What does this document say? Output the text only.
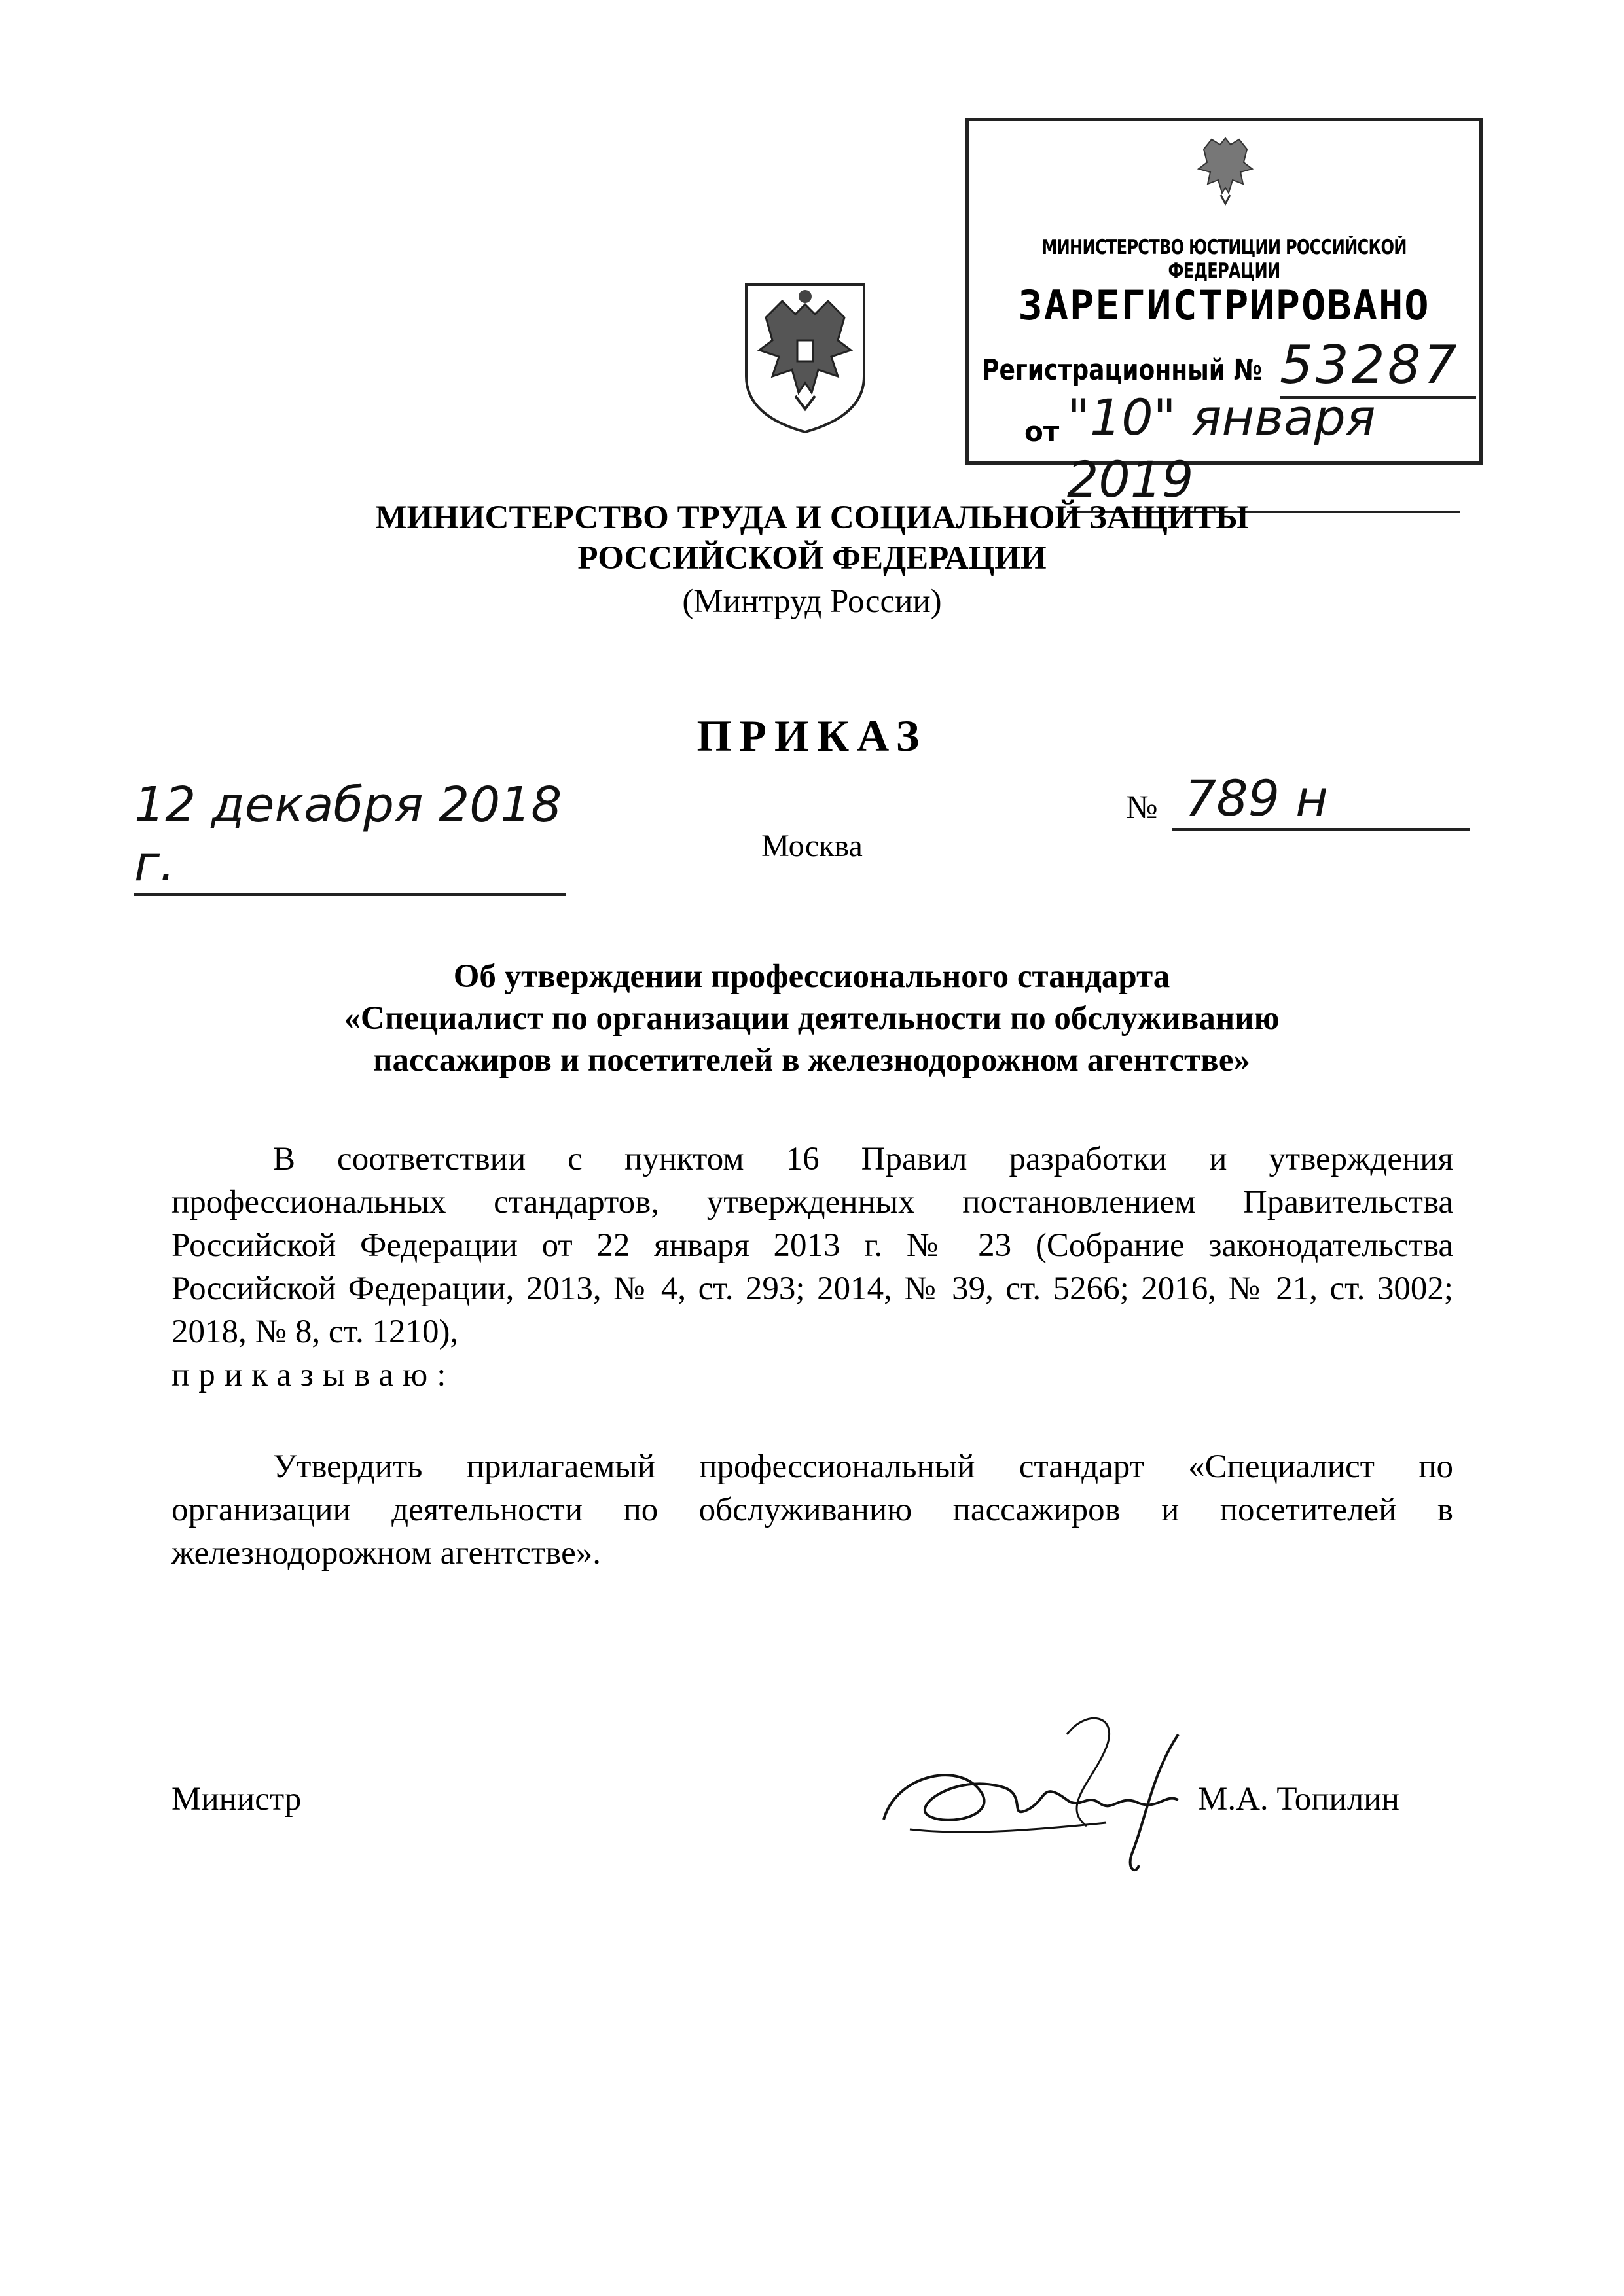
МИНИСТЕРСТВО ЮСТИЦИИ РОССИЙСКОЙ ФЕДЕРАЦИИ
ЗАРЕГИСТРИРОВАНО
Регистрационный № 53287
от "10" января 2019
МИНИСТЕРСТВО ТРУДА И СОЦИАЛЬНОЙ ЗАЩИТЫ
РОССИЙСКОЙ ФЕДЕРАЦИИ
(Минтруд России)
ПРИКАЗ
12 декабря 2018 г.
№ 789 н
Москва
Об утверждении профессионального стандарта
«Специалист по организации деятельности по обслуживанию
пассажиров и посетителей в железнодорожном агентстве»
В соответствии с пунктом 16 Правил разработки и утверждения профессиональных стандартов, утвержденных постановлением Правительства Российской Федерации от 22 января 2013 г. № 23 (Собрание законодательства Российской Федерации, 2013, № 4, ст. 293; 2014, № 39, ст. 5266; 2016, № 21, ст. 3002; 2018, № 8, ст. 1210),
приказываю:
Утвердить прилагаемый профессиональный стандарт «Специалист по организации деятельности по обслуживанию пассажиров и посетителей в железнодорожном агентстве».
Министр	М.А. Топилин
